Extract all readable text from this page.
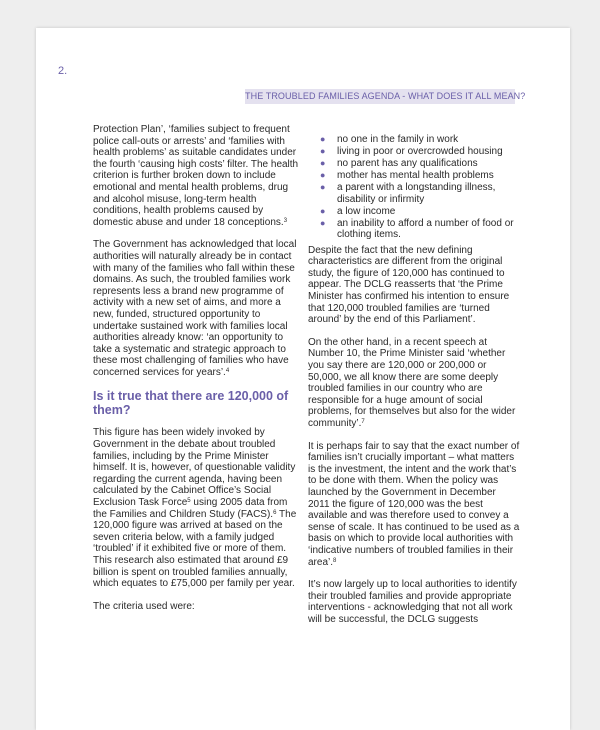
2.
THE TROUBLED FAMILIES AGENDA - WHAT DOES IT ALL MEAN?

Protection Plan’, ‘families subject to frequent police call-outs or arrests’ and ‘families with health problems’ as suitable candidates under the fourth ‘causing high costs’ filter. The health criterion is further broken down to include emotional and mental health problems, drug and alcohol misuse, long-term health conditions, health problems caused by domestic abuse and under 18 conceptions.$^3$

The Government has acknowledged that local authorities will naturally already be in contact with many of the families who fall within these domains. As such, the troubled families work represents less a brand new programme of activity with a new set of aims, and more a new, funded, structured opportunity to undertake sustained work with families local authorities already know: ‘an opportunity to take a systematic and strategic approach to these most challenging of families who have concerned services for years’.$^4$

Is it true that there are 120,000 of them?

This figure has been widely invoked by Government in the debate about troubled families, including by the Prime Minister himself. It is, however, of questionable validity regarding the current agenda, having been calculated by the Cabinet Office’s Social Exclusion Task Force$^5$ using 2005 data from the Families and Children Study (FACS).$^6$ The 120,000 figure was arrived at based on the seven criteria below, with a family judged ‘troubled’ if it exhibited five or more of them. This research also estimated that around £9 billion is spent on troubled families annually, which equates to £75,000 per family per year.

The criteria used were:

● no one in the family in work
● living in poor or overcrowded housing
● no parent has any qualifications
● mother has mental health problems
● a parent with a longstanding illness, disability or infirmity
● a low income
● an inability to afford a number of food or clothing items.

Despite the fact that the new defining characteristics are different from the original study, the figure of 120,000 has continued to appear. The DCLG reasserts that ‘the Prime Minister has confirmed his intention to ensure that 120,000 troubled families are ‘turned around’ by the end of this Parliament’.

On the other hand, in a recent speech at Number 10, the Prime Minister said ‘whether you say there are 120,000 or 200,000 or 50,000, we all know there are some deeply troubled families in our country who are responsible for a huge amount of social problems, for themselves but also for the wider community’.$^7$

It is perhaps fair to say that the exact number of families isn’t crucially important – what matters is the investment, the intent and the work that’s to be done with them. When the policy was launched by the Government in December 2011 the figure of 120,000 was the best available and was therefore used to convey a sense of scale. It has continued to be used as a basis on which to provide local authorities with ‘indicative numbers of troubled families in their area’.$^8$

It’s now largely up to local authorities to identify their troubled families and provide appropriate interventions - acknowledging that not all work will be successful, the DCLG suggests
